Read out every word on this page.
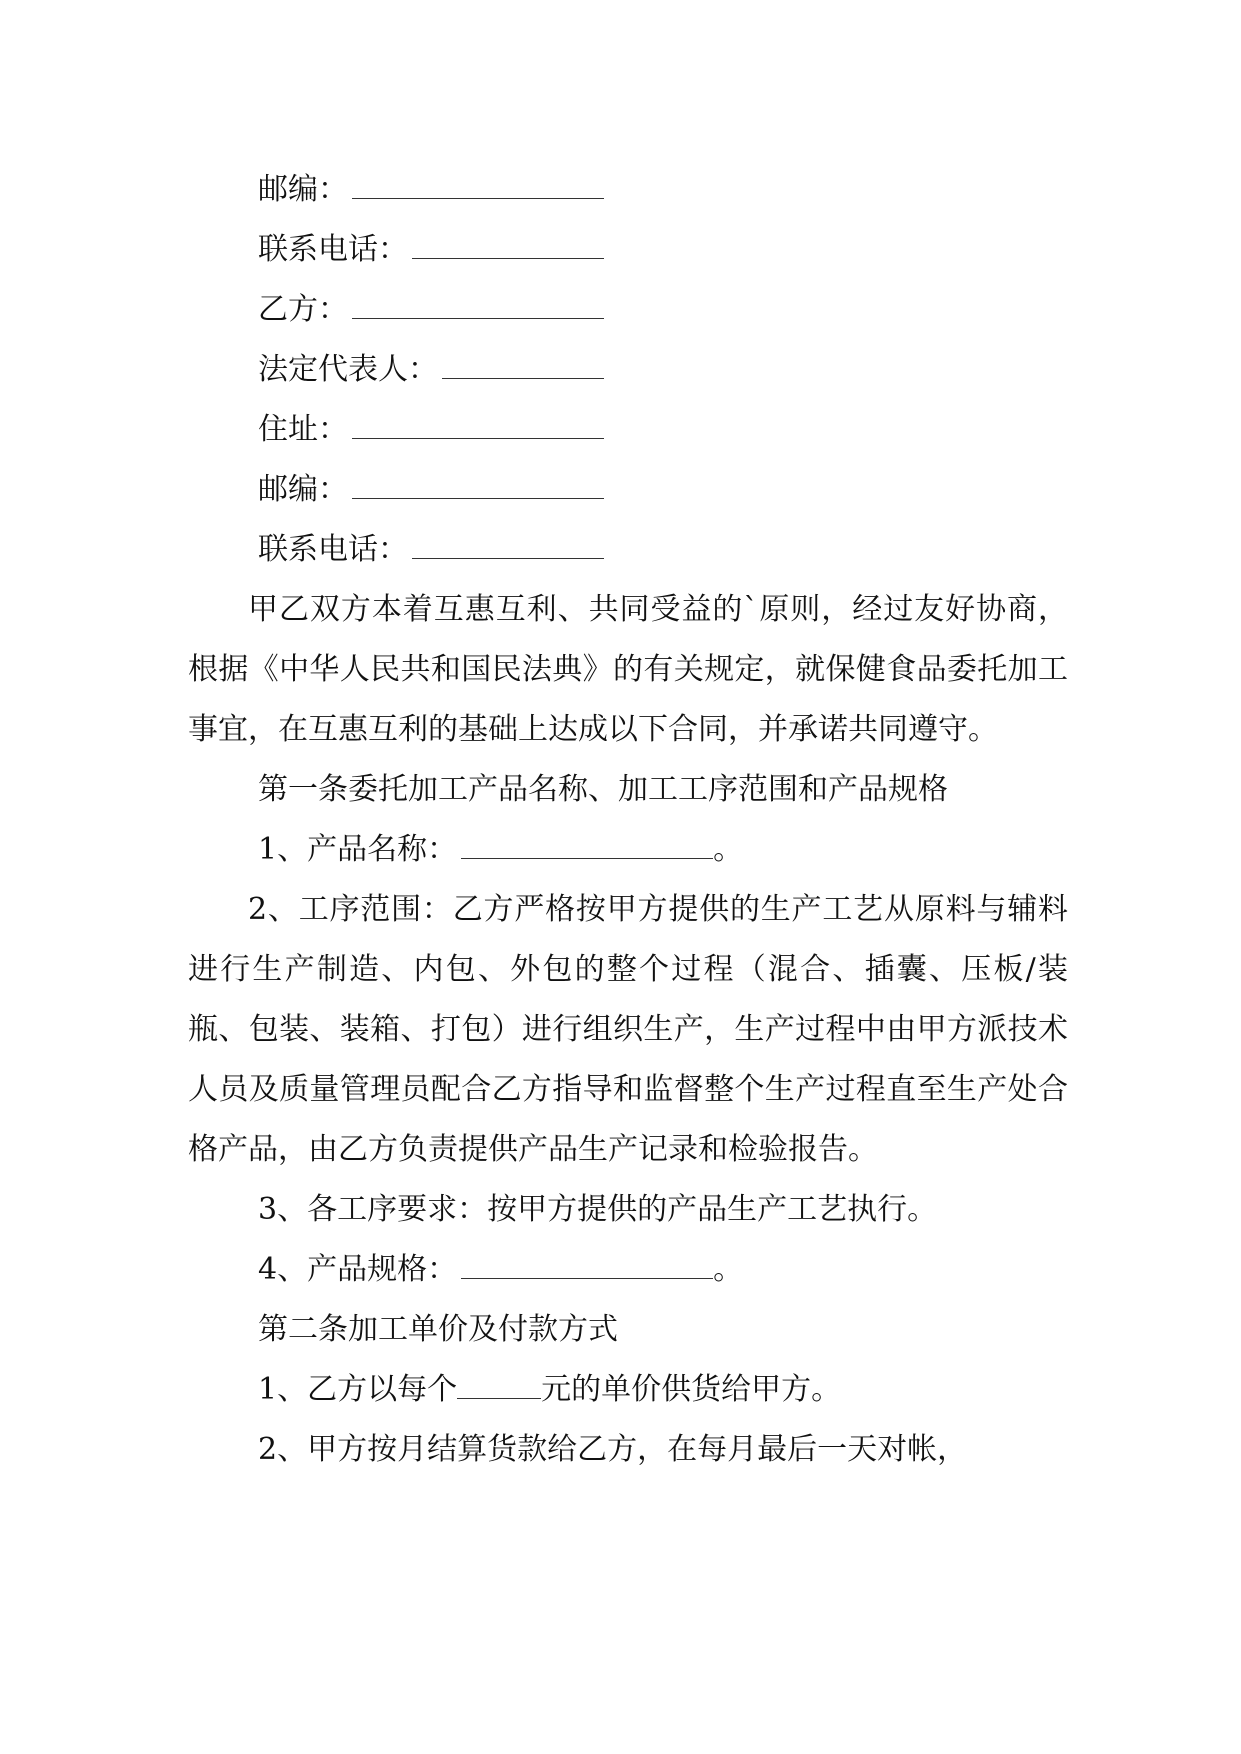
邮编：
联系电话：
乙方：
法定代表人：
住址：
邮编：
联系电话：
甲乙双方本着互惠互利、共同受益的`原则，经过友好协商，根据《中华人民共和国民法典》的有关规定，就保健食品委托加工事宜，在互惠互利的基础上达成以下合同，并承诺共同遵守。
第一条委托加工产品名称、加工工序范围和产品规格
1、产品名称：	。
2、工序范围：乙方严格按甲方提供的生产工艺从原料与辅料进行生产制造、内包、外包的整个过程（混合、插囊、压板/装瓶、包装、装箱、打包）进行组织生产，生产过程中由甲方派技术人员及质量管理员配合乙方指导和监督整个生产过程直至生产处合格产品，由乙方负责提供产品生产记录和检验报告。
3、各工序要求：按甲方提供的产品生产工艺执行。
4、产品规格：	。
第二条加工单价及付款方式
1、乙方以每个	元的单价供货给甲方。
2、甲方按月结算货款给乙方，在每月最后一天对帐，
